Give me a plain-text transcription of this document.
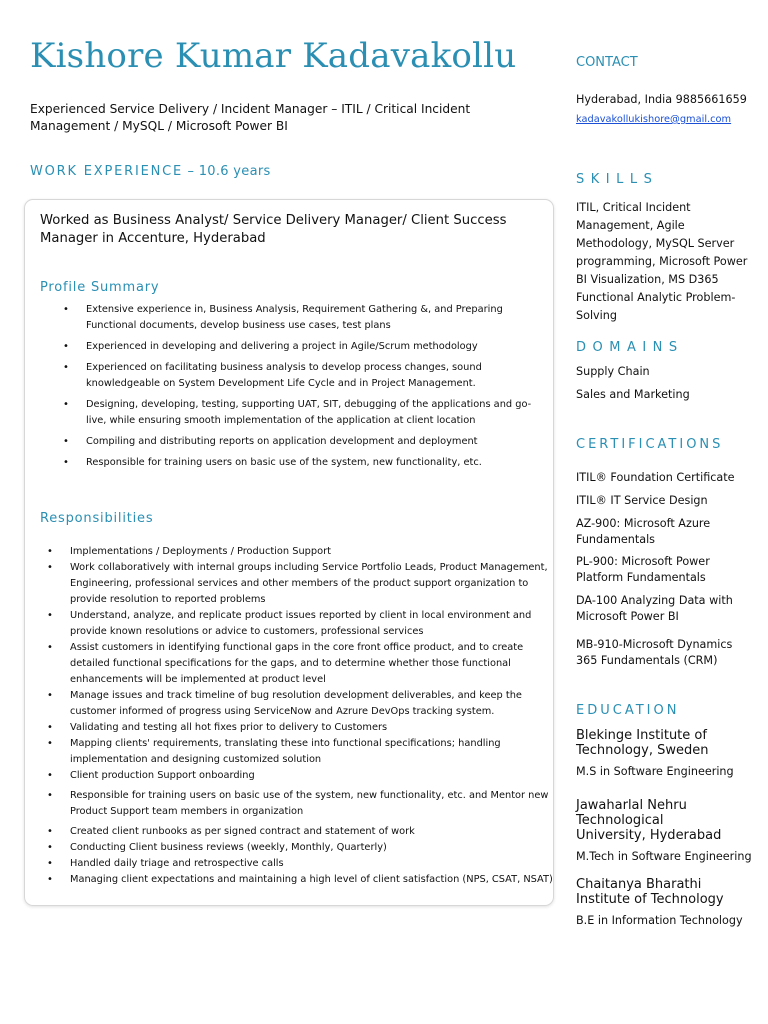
Kishore Kumar Kadavakollu
Experienced Service Delivery / Incident Manager – ITIL / Critical Incident Management / MySQL / Microsoft Power BI
WORK EXPERIENCE – 10.6 years
Worked as Business Analyst/ Service Delivery Manager/ Client Success Manager in Accenture, Hyderabad
Profile Summary
• Extensive experience in, Business Analysis, Requirement Gathering &, and Preparing Functional documents, develop business use cases, test plans
• Experienced in developing and delivering a project in Agile/Scrum methodology
• Experienced on facilitating business analysis to develop process changes, sound knowledgeable on System Development Life Cycle and in Project Management.
• Designing, developing, testing, supporting UAT, SIT, debugging of the applications and go-live, while ensuring smooth implementation of the application at client location
• Compiling and distributing reports on application development and deployment
• Responsible for training users on basic use of the system, new functionality, etc.
Responsibilities
• Implementations / Deployments / Production Support
• Work collaboratively with internal groups including Service Portfolio Leads, Product Management, Engineering, professional services and other members of the product support organization to provide resolution to reported problems
• Understand, analyze, and replicate product issues reported by client in local environment and provide known resolutions or advice to customers, professional services
• Assist customers in identifying functional gaps in the core front office product, and to create detailed functional specifications for the gaps, and to determine whether those functional enhancements will be implemented at product level
• Manage issues and track timeline of bug resolution development deliverables, and keep the customer informed of progress using ServiceNow and Azrure DevOps tracking system.
• Validating and testing all hot fixes prior to delivery to Customers
• Mapping clients' requirements, translating these into functional specifications; handling implementation and designing customized solution
• Client production Support onboarding
• Responsible for training users on basic use of the system, new functionality, etc. and Mentor new Product Support team members in organization
• Created client runbooks as per signed contract and statement of work
• Conducting Client business reviews (weekly, Monthly, Quarterly)
• Handled daily triage and retrospective calls
• Managing client expectations and maintaining a high level of client satisfaction (NPS, CSAT, NSAT)
CONTACT
Hyderabad, India 9885661659
kadavakollukishore@gmail.com
SKILLS
ITIL, Critical Incident Management, Agile Methodology, MySQL Server programming, Microsoft Power BI Visualization, MS D365 Functional Analytic Problem-Solving
DOMAINS
Supply Chain
Sales and Marketing
CERTIFICATIONS
ITIL® Foundation Certificate
ITIL® IT Service Design
AZ-900: Microsoft Azure Fundamentals
PL-900: Microsoft Power Platform Fundamentals
DA-100 Analyzing Data with Microsoft Power BI
MB-910-Microsoft Dynamics 365 Fundamentals (CRM)
EDUCATION
Blekinge Institute of Technology, Sweden
M.S in Software Engineering
Jawaharlal Nehru Technological University, Hyderabad
M.Tech in Software Engineering
Chaitanya Bharathi Institute of Technology
B.E in Information Technology
